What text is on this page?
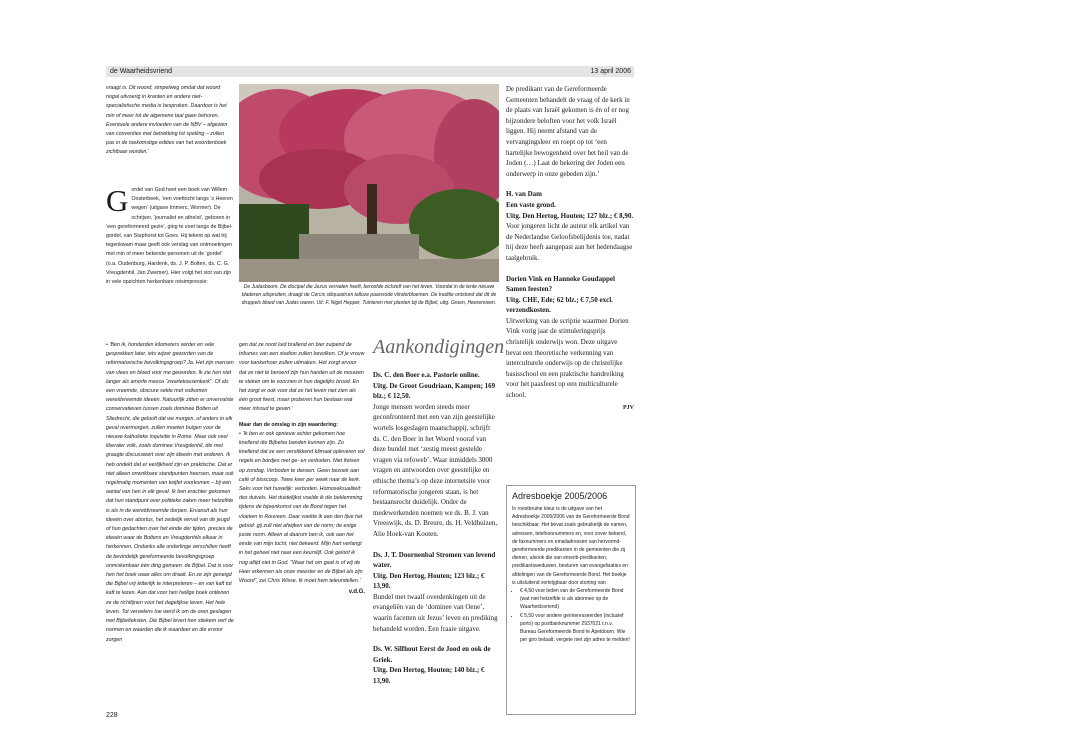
de Waarheidsvriend	13 april 2006

vraagt is. Dit woord, simpelweg omdat dat woord nogal uitvoerig in kranten en andere niet-specialistische media is besproken. Daardoor is het min of meer tot de algemene taal gaan behoren. Eventuele andere invloeden van de NBV – afgezien van conventies met betrekking tot spelling – zullen pas in de toekomstige edities van het woordenboek zichtbaar worden.’

G ordel van God heet een boek van Willem Oosterbeek, ‘een voettocht langs ’s Heeren wegen’ (uitgave Immerc, Wormer). De schrijver, ‘journalist en atheïst’, geboren in ‘een gereformeerd gezin’, ging te voet langs de Bijbel-gordel, van Staphorst tot Goes. Hij tekent op wat hij tegenkwam maar geeft ook verslag van ontmoetingen met min of meer bekende personen uit de ‘gordel’ (o.a. Oudenburg, Hardenk, ds. J. P. Bolten, ds. C. G. Vreugdenhil, Jan Zwemer). Hier volgt het slot van zijn in vele opzichten herkenbare reisimpressie:

• ‘Ben ik, honderden kilometers verder en vele gesprekken later, iets wijzer geworden van de reformatorische bevolkingsgroep? Ja. Het zijn mensen van vlees en bloed voor me geworden. Ik zie hen niet langer als amorfe massa “zwartekousenkerk”. Of als een vreemde, obscure sekte met volkomen wereldvreemde ideeën. Natuurlijk zitten er onvervalste conservatieven tussen zoals dominee Bolten uit Sliedrecht, die gelooft dat we morgen, of anders in elk geval overmorgen, zullen moeten buigen voor de nieuwe katholieke inquisitie in Rome. Maar ook veel liberaler volk, zoals dominee Vreugdenhil, die met graagte discussieert over zijn ideeën met anderen. Ik heb ondekt dat er eerlijkheid zijn en praktische. Dat er niet alleen onwrikbare standpunten heersen, maar ook regelmatig momenten van twijfel voorkomen – bij een aantal van hen in elk geval. Ik ben erachter gekomen dat hun standpunt over politieke zaken meer hetzelfde is als in de wereldvreemde dorpen. Ervanuit als hun ideeën over abortus, het zedelijk verval van de jeugd of hun gedachten over het einde der tijden, precies de ideeën waar de Boltens en Vreugdenhils elkaar in herkennen. Ondanks alle onderlinge verschillen heeft de bevindelijk gereformeerde bevolkingsgroep onmiskenbaar één ding gemeen: de Bijbel. Dat is voor hen het boek waar alles om draait. En ze zijn geneigd die Bijbel vrij letterlijk te interpreteren – en van kaft tot kaft te lezen. Aan dat voor hen heilige boek ontlenen ze de richtlijnen voor het dagelijkse leven. Het hele leven. Tot vervelens toe werd ik om de oren geslagen met Bijbelteksten. Die Bijbel levert hen stiekem verf de normen en waarden die ik waardeer en die ervoor zorgen

De Judasboom. De discipel die Jezus verraden heeft, beroofde zichzelf van het leven. Voordat in de lente nieuwe bladeren uitspruiten, draagt de Cercis siliquastrum talloze paarsrode vlinderbloemen. De traditie ontstond dat dit de druppels bloed van Judas waren. Uit: F. Nigel Hepper, Tuinieren met planten bij de Bijbel, uitg. Groen, Heerenveen.

gen dat ze nooit luid brallend en bier zuipend de tribunes van een stadion zullen bevolken. Of je vrouw voor kankerhoer zullen uitmaken. Het zorgt ervoor dat ze niet te beroerd zijn hun handen uit de mouwen te steken om te voorzien in hun dagelijks brood. En het zorgt er ook voor dat ze het leven niet zien als één groot feest, maar proberen hun bestaan wat meer inhoud te geven.’

Maar dan de omslag in zijn waardering:

• ‘Ik ben er ook opnieuw achter gekomen hoe knellend die Bijbelse banden kunnen zijn. Zo knellend dat ze een verstikkend klimaat opleveren vol regels en bordjes met ge- en verboden. Niet fietsen op zondag. Verboden te dansen. Geen bezoek aan café of bioscoop. Twee keer per week naar de kerk. Seks voor het huwelijk: verboden. Homoseksualiteit: des duivels. Het duidelijkst voelde ik die beklemming tijdens de bijeenkomst van de Bond tegen het vloeken in Rouveen. Daar voelde ik aan den lijve het gebod: gij zult niet afwijken van de norm; de enige juiste norm. Alleen al daarom ben ik, ook aan het einde van mijn tocht, niet bekeerd. Mijn hart verlangt in het geheel niet naar een keurslijf. Ook geloof ik nog altijd niet in God. “Waar het om gaat is of wij de Heer erkennen als onze meester en de Bijbel als zijn Woord”, zei Chris Wisse. Ik moet hem teleurstellen.’

v.d.G.
Aankondigingen

Ds. C. den Boer e.a. Pastorie online.

Uitg. De Groot Goudriaan, Kampen; 169 blz.; € 12,50.

Jonge mensen worden steeds meer geconfronteerd met een van zijn geestelijke wortels losgeslagen maatschappij, schrijft ds. C. den Boer in het Woord vooraf van deze bundel met ‘zestig meest gestelde vragen via refoweb’. Waar inmiddels 3000 vragen en antwoorden over geestelijke en ethische thema’s op deze internetsite voor reformatorische jongeren staan, is het bestaansrecht duidelijk. Onder de medewerkenden noemen we ds. B. J. van Vreeswijk, ds. D. Breure, ds. H. Veldhuizen, Alie Hoek-van Kooten.

Ds. J. T. Doornenbal Stromen van levend water.

Uitg. Den Hertog, Houten; 123 blz.; € 13,90.

Bundel met twaalf overdenkingen uit de evangeliën van de ‘dominee van Oene’, waarin facetten uit Jezus’ leven en prediking behandeld worden. Een fraaie uitgave.

Ds. W. Silfhout Eerst de Jood en ook de Griek.

Uitg. Den Hertog, Houten; 140 blz.; € 13,90.

De predikant van de Gereformeerde Gemeenten behandelt de vraag of de kerk in de plaats van Israël gekomen is én of er nog bijzondere beloften voor het volk Israël liggen. Hij neemt afstand van de vervangingsleer en roept op tot ‘een hartelijke bewogenheid over het heil van de Joden (…) Laat de bekering der Joden een onderwerp in onze gebeden zijn.’

H. van Dam

Een vaste grond.

Uitg. Den Hertog, Houten; 127 blz.; € 8,90.

Voor jongeren licht de auteur elk artikel van de Nederlandse Geloofsbelijdenis toe, nadat hij deze heeft aangepast aan het hedendaagse taalgebruik.

Dorien Vink en Hanneke Goudappel Samen feesten?

Uitg. CHE, Ede; 62 blz.; € 7,50 excl. verzendkosten.

Uitwerking van de scriptie waarmee Dorien Vink vorig jaar de stimuleringsprijs christelijk onderwijs won. Deze uitgave bevat een theoretische verkenning van interculturele onderwijs op de christelijke basisschool en een praktische handreiking voor het paasfeest op een multiculturele school.

PJV
Adresboekje 2005/2006

In roestbruine kleur is de uitgave van het Adresboekje 2005/2006 van de Gereformeerde Bond beschikbaar. Het bevat zoals gebruikelijk de namen, adressen, telefoonnummers en, voor zover bekend, de faxnummers en emailadressen van hervormd-gereformeerde predikanten in de gemeenten die zij dienen, alsook die van emeriti-predikanten, predikantsweduwen, besturen van evangelisaties en afdelingen van de Gereformeerde Bond. Het boekje is uitsluitend verkrijgbaar door storting van

• € 4,50 voor leden van de Gereformeerde Bond (wat niet hetzelfde is als abonnee op de Waarheidsvriend)
• € 5,50 voor andere geïnteresseerden (inclusief porto) op postbanknummer 2937021 t.n.v. Bureau Gereformeerde Bond te Apeldoorn. Wie per giro betaalt, vergete niet zijn adres te melden!
228
